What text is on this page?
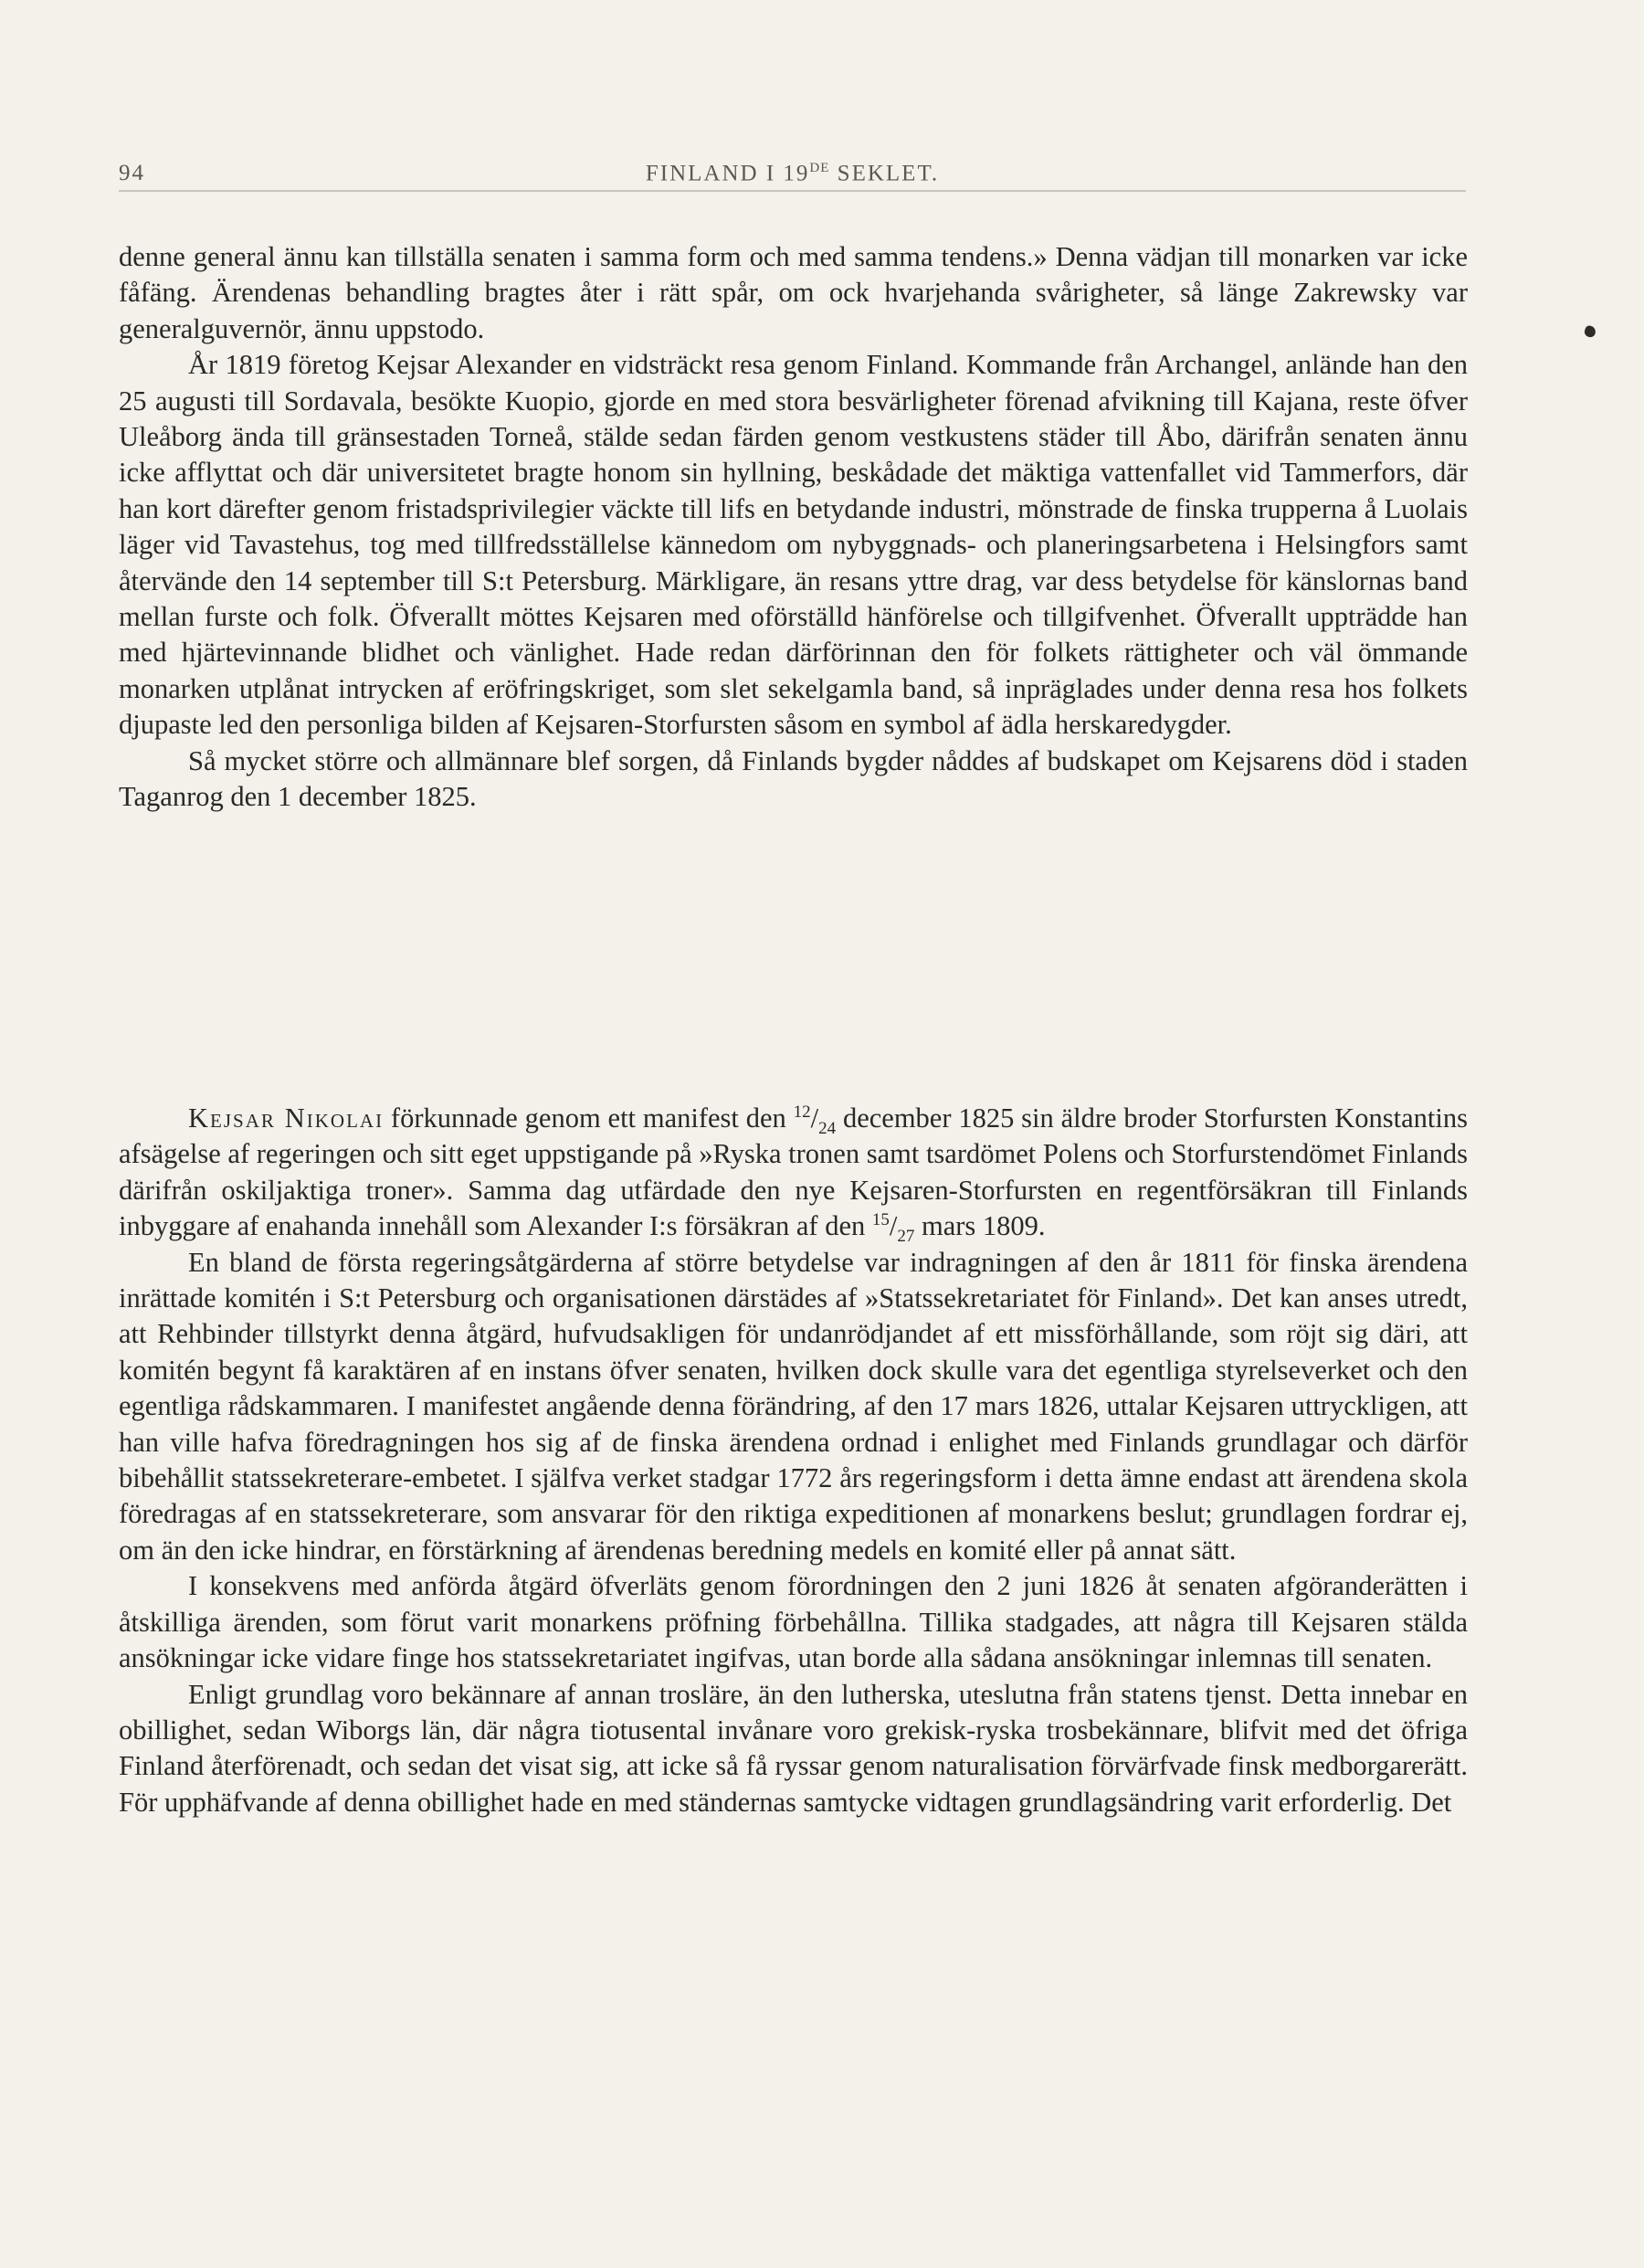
94	FINLAND I 19DE SEKLET.

denne general ännu kan tillställa senaten i samma form och med samma tendens.» Denna vädjan till monarken var icke fåfäng. Ärendenas behandling bragtes åter i rätt spår, om ock hvarjehanda svårigheter, så länge Zakrewsky var generalguvernör, ännu uppstodo.

År 1819 företog Kejsar Alexander en vidsträckt resa genom Finland. Kommande från Archangel, anlände han den 25 augusti till Sordavala, besökte Kuopio, gjorde en med stora besvärligheter förenad afvikning till Kajana, reste öfver Uleåborg ända till gränsestaden Torneå, stälde sedan färden genom vestkustens städer till Åbo, därifrån senaten ännu icke afflyttat och där universitetet bragte honom sin hyllning, beskådade det mäktiga vattenfallet vid Tammerfors, där han kort därefter genom fristadsprivilegier väckte till lifs en betydande industri, mönstrade de finska trupperna å Luolais läger vid Tavastehus, tog med tillfredsställelse kännedom om nybyggnads- och planeringsarbetena i Helsingfors samt återvände den 14 september till S:t Petersburg. Märkligare, än resans yttre drag, var dess betydelse för känslornas band mellan furste och folk. Öfverallt möttes Kejsaren med oförställd hänförelse och tillgifvenhet. Öfverallt uppträdde han med hjärtevinnande blidhet och vänlighet. Hade redan därförinnan den för folkets rättigheter och väl ömmande monarken utplånat intrycken af eröfringskriget, som slet sekelgamla band, så inpräglades under denna resa hos folkets djupaste led den personliga bilden af Kejsaren-Storfursten såsom en symbol af ädla herskaredygder.

Så mycket större och allmännare blef sorgen, då Finlands bygder nåddes af budskapet om Kejsarens död i staden Taganrog den 1 december 1825.

Kejsar Nikolai förkunnade genom ett manifest den $^{12}/_{24}$ december 1825 sin äldre broder Storfursten Konstantins afsägelse af regeringen och sitt eget uppstigande på »Ryska tronen samt tsardömet Polens och Storfurstendömet Finlands därifrån oskiljaktiga troner». Samma dag utfärdade den nye Kejsaren-Storfursten en regentförsäkran till Finlands inbyggare af enahanda innehåll som Alexander I:s försäkran af den $^{15}/_{27}$ mars 1809.

En bland de första regeringsåtgärderna af större betydelse var indragningen af den år 1811 för finska ärendena inrättade komitén i S:t Petersburg och organisationen därstädes af »Statssekretariatet för Finland». Det kan anses utredt, att Rehbinder tillstyrkt denna åtgärd, hufvudsakligen för undanrödjandet af ett missförhållande, som röjt sig däri, att komitén begynt få karaktären af en instans öfver senaten, hvilken dock skulle vara det egentliga styrelseverket och den egentliga rådskammaren. I manifestet angående denna förändring, af den 17 mars 1826, uttalar Kejsaren uttryckligen, att han ville hafva föredragningen hos sig af de finska ärendena ordnad i enlighet med Finlands grundlagar och därför bibehållit statssekreterare-embetet. I själfva verket stadgar 1772 års regeringsform i detta ämne endast att ärendena skola föredragas af en statssekreterare, som ansvarar för den riktiga expeditionen af monarkens beslut; grundlagen fordrar ej, om än den icke hindrar, en förstärkning af ärendenas beredning medels en komité eller på annat sätt.

I konsekvens med anförda åtgärd öfverläts genom förordningen den 2 juni 1826 åt senaten afgöranderätten i åtskilliga ärenden, som förut varit monarkens pröfning förbehållna. Tillika stadgades, att några till Kejsaren stälda ansökningar icke vidare finge hos statssekretariatet ingifvas, utan borde alla sådana ansökningar inlemnas till senaten.

Enligt grundlag voro bekännare af annan trosläre, än den lutherska, uteslutna från statens tjenst. Detta innebar en obillighet, sedan Wiborgs län, där några tiotusental invånare voro grekisk-ryska trosbekännare, blifvit med det öfriga Finland återförenadt, och sedan det visat sig, att icke så få ryssar genom naturalisation förvärfvade finsk medborgarerätt. För upphäfvande af denna obillighet hade en med ständernas samtycke vidtagen grundlagsändring varit erforderlig. Det
